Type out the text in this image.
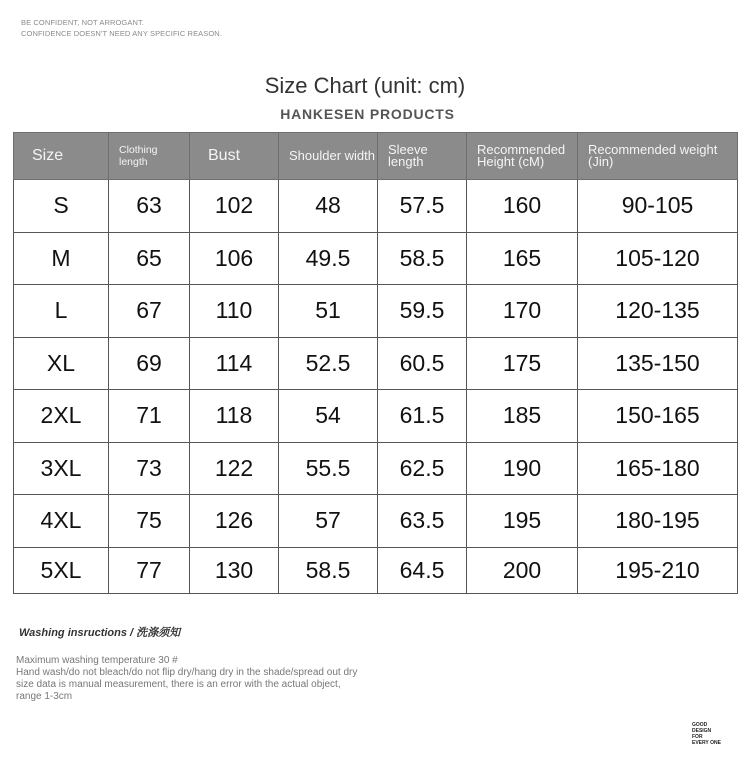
BE CONFIDENT, NOT ARROGANT.
CONFIDENCE DOESN'T NEED ANY SPECIFIC REASON.
Size Chart (unit: cm)
HANKESEN PRODUCTS
Size	Clothing length	Bust	Shoulder width	Sleeve length	Recommended Height (cM)	Recommended weight (Jin)
S	63	102	48	57.5	160	90-105
M	65	106	49.5	58.5	165	105-120
L	67	110	51	59.5	170	120-135
XL	69	114	52.5	60.5	175	135-150
2XL	71	118	54	61.5	185	150-165
3XL	73	122	55.5	62.5	190	165-180
4XL	75	126	57	63.5	195	180-195
5XL	77	130	58.5	64.5	200	195-210
Washing insructions / 洗涤须知
Maximum washing temperature 30 #
Hand wash/do not bleach/do not flip dry/hang dry in the shade/spread out dry
size data is manual measurement, there is an error with the actual object,
range 1-3cm
GOOD
DESIGN
FOR
EVERY ONE
